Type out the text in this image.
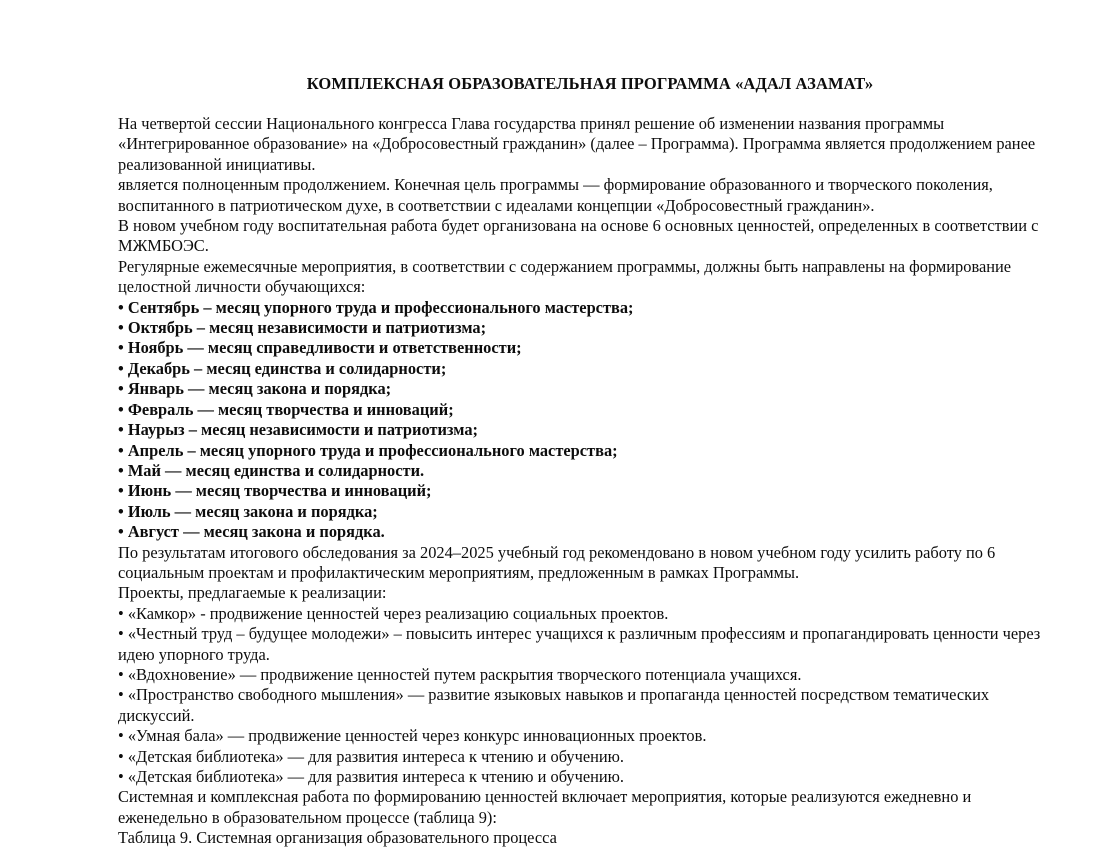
КОМПЛЕКСНАЯ ОБРАЗОВАТЕЛЬНАЯ ПРОГРАММА «АДАЛ АЗАМАТ»

На четвертой сессии Национального конгресса Глава государства принял решение об изменении названия программы «Интегрированное образование» на «Добросовестный гражданин» (далее – Программа). Программа является продолжением ранее реализованной инициативы.

является полноценным продолжением. Конечная цель программы — формирование образованного и творческого поколения, воспитанного в патриотическом духе, в соответствии с идеалами концепции «Добросовестный гражданин».

В новом учебном году воспитательная работа будет организована на основе 6 основных ценностей, определенных в соответствии с МЖМБОЭС.

Регулярные ежемесячные мероприятия, в соответствии с содержанием программы, должны быть направлены на формирование целостной личности обучающихся:

• Сентябрь – месяц упорного труда и профессионального мастерства;

• Октябрь – месяц независимости и патриотизма;

• Ноябрь — месяц справедливости и ответственности;

• Декабрь – месяц единства и солидарности;

• Январь — месяц закона и порядка;

• Февраль — месяц творчества и инноваций;

• Наурыз – месяц независимости и патриотизма;

• Апрель – месяц упорного труда и профессионального мастерства;

• Май — месяц единства и солидарности.

• Июнь — месяц творчества и инноваций;

• Июль — месяц закона и порядка;

• Август — месяц закона и порядка.

По результатам итогового обследования за 2024–2025 учебный год рекомендовано в новом учебном году усилить работу по 6 социальным проектам и профилактическим мероприятиям, предложенным в рамках Программы.

Проекты, предлагаемые к реализации:

• «Камкор» - продвижение ценностей через реализацию социальных проектов.

• «Честный труд – будущее молодежи» – повысить интерес учащихся к различным профессиям и пропагандировать ценности через идею упорного труда.

• «Вдохновение» — продвижение ценностей путем раскрытия творческого потенциала учащихся.

• «Пространство свободного мышления» — развитие языковых навыков и пропаганда ценностей посредством тематических дискуссий.

• «Умная бала» — продвижение ценностей через конкурс инновационных проектов.

• «Детская библиотека» — для развития интереса к чтению и обучению.

• «Детская библиотека» — для развития интереса к чтению и обучению.

Системная и комплексная работа по формированию ценностей включает мероприятия, которые реализуются ежедневно и еженедельно в образовательном процессе (таблица 9):

Таблица 9. Системная организация образовательного процесса
